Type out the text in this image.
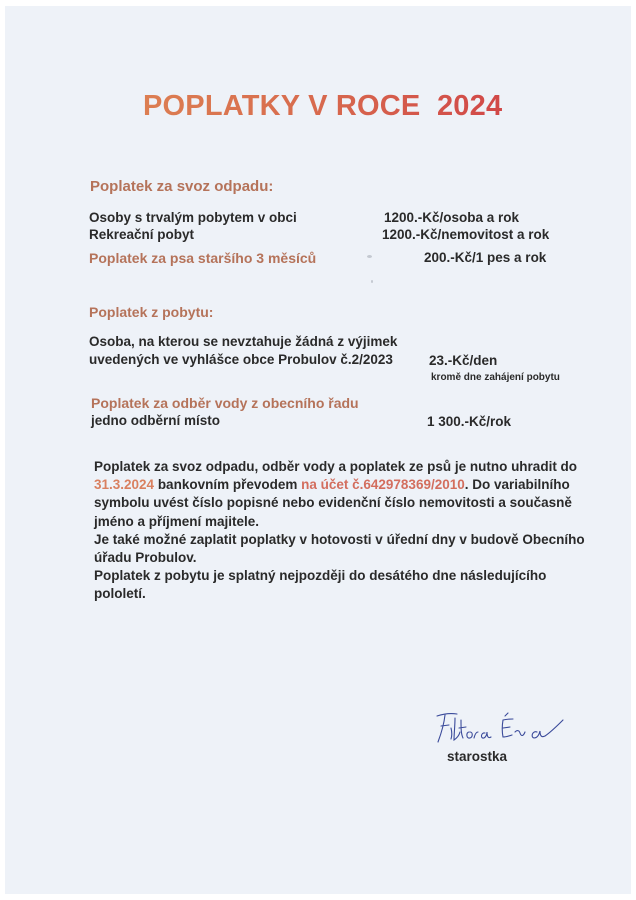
POPLATKY V ROCE  2024
Poplatek za svoz odpadu:
Osoby s trvalým pobytem v obci	1200.-Kč/osoba a rok
Rekreační pobyt	1200.-Kč/nemovitost a rok
Poplatek za psa staršího 3 měsíců	200.-Kč/1 pes a rok
Poplatek z pobytu:
Osoba, na kterou se nevztahuje žádná z výjimek
uvedených ve vyhlášce obce Probulov č.2/2023	23.-Kč/den
kromě dne zahájení pobytu
Poplatek za odběr vody z obecního řadu
jedno odběrní místo	1 300.-Kč/rok

Poplatek za svoz odpadu, odběr vody a poplatek ze psů je nutno uhradit do 31.3.2024 bankovním převodem na účet č.642978369/2010. Do variabilního symbolu uvést číslo popisné nebo evidenční číslo nemovitosti a současně jméno a příjmení majitele.

Je také možné zaplatit poplatky v hotovosti v úřední dny v budově Obecního úřadu Probulov.

Poplatek z pobytu je splatný nejpozději do desátého dne následujícího pololetí.

starostka
